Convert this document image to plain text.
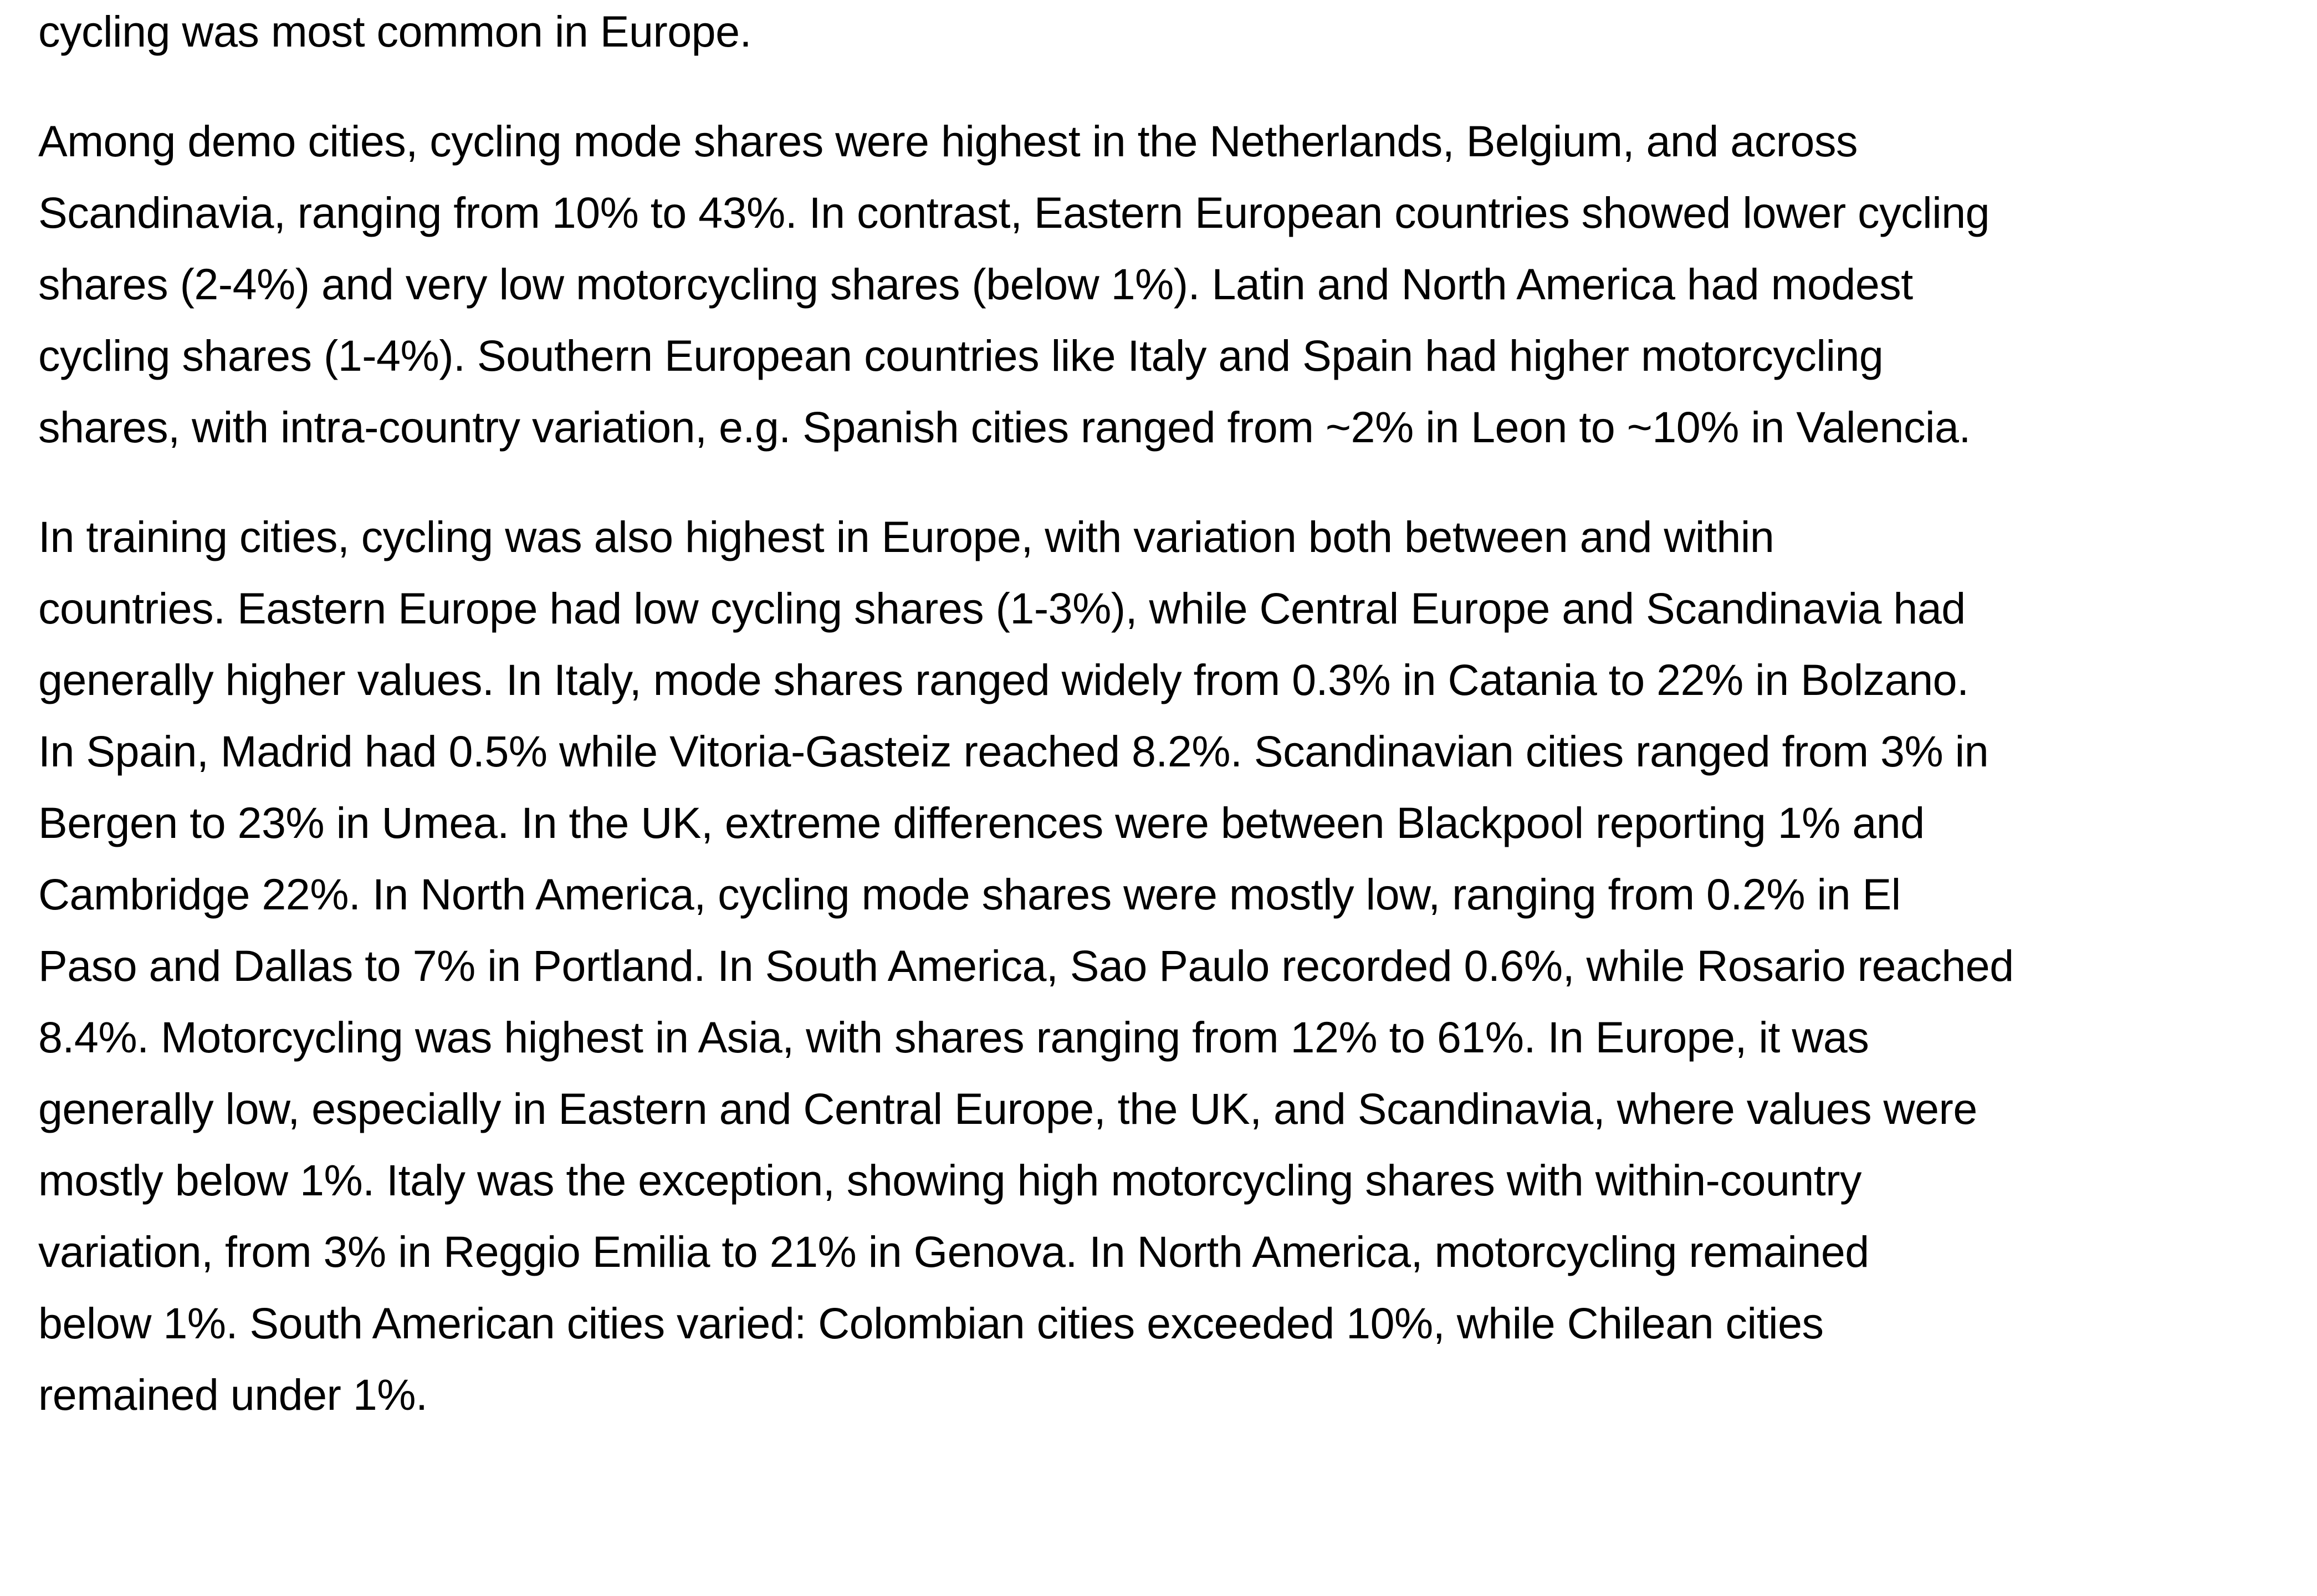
cycling was most common in Europe.

Among demo cities, cycling mode shares were highest in the Netherlands, Belgium, and across
Scandinavia, ranging from 10% to 43%. In contrast, Eastern European countries showed lower cycling
shares (2-4%) and very low motorcycling shares (below 1%). Latin and North America had modest
cycling shares (1-4%). Southern European countries like Italy and Spain had higher motorcycling
shares, with intra-country variation, e.g. Spanish cities ranged from ~2% in Leon to ~10% in Valencia.

In training cities, cycling was also highest in Europe, with variation both between and within
countries. Eastern Europe had low cycling shares (1-3%), while Central Europe and Scandinavia had
generally higher values. In Italy, mode shares ranged widely from 0.3% in Catania to 22% in Bolzano.
In Spain, Madrid had 0.5% while Vitoria-Gasteiz reached 8.2%. Scandinavian cities ranged from 3% in
Bergen to 23% in Umea. In the UK, extreme differences were between Blackpool reporting 1% and
Cambridge 22%. In North America, cycling mode shares were mostly low, ranging from 0.2% in El
Paso and Dallas to 7% in Portland. In South America, Sao Paulo recorded 0.6%, while Rosario reached
8.4%. Motorcycling was highest in Asia, with shares ranging from 12% to 61%. In Europe, it was
generally low, especially in Eastern and Central Europe, the UK, and Scandinavia, where values were
mostly below 1%. Italy was the exception, showing high motorcycling shares with within-country
variation, from 3% in Reggio Emilia to 21% in Genova. In North America, motorcycling remained
below 1%. South American cities varied: Colombian cities exceeded 10%, while Chilean cities
remained under 1%.
